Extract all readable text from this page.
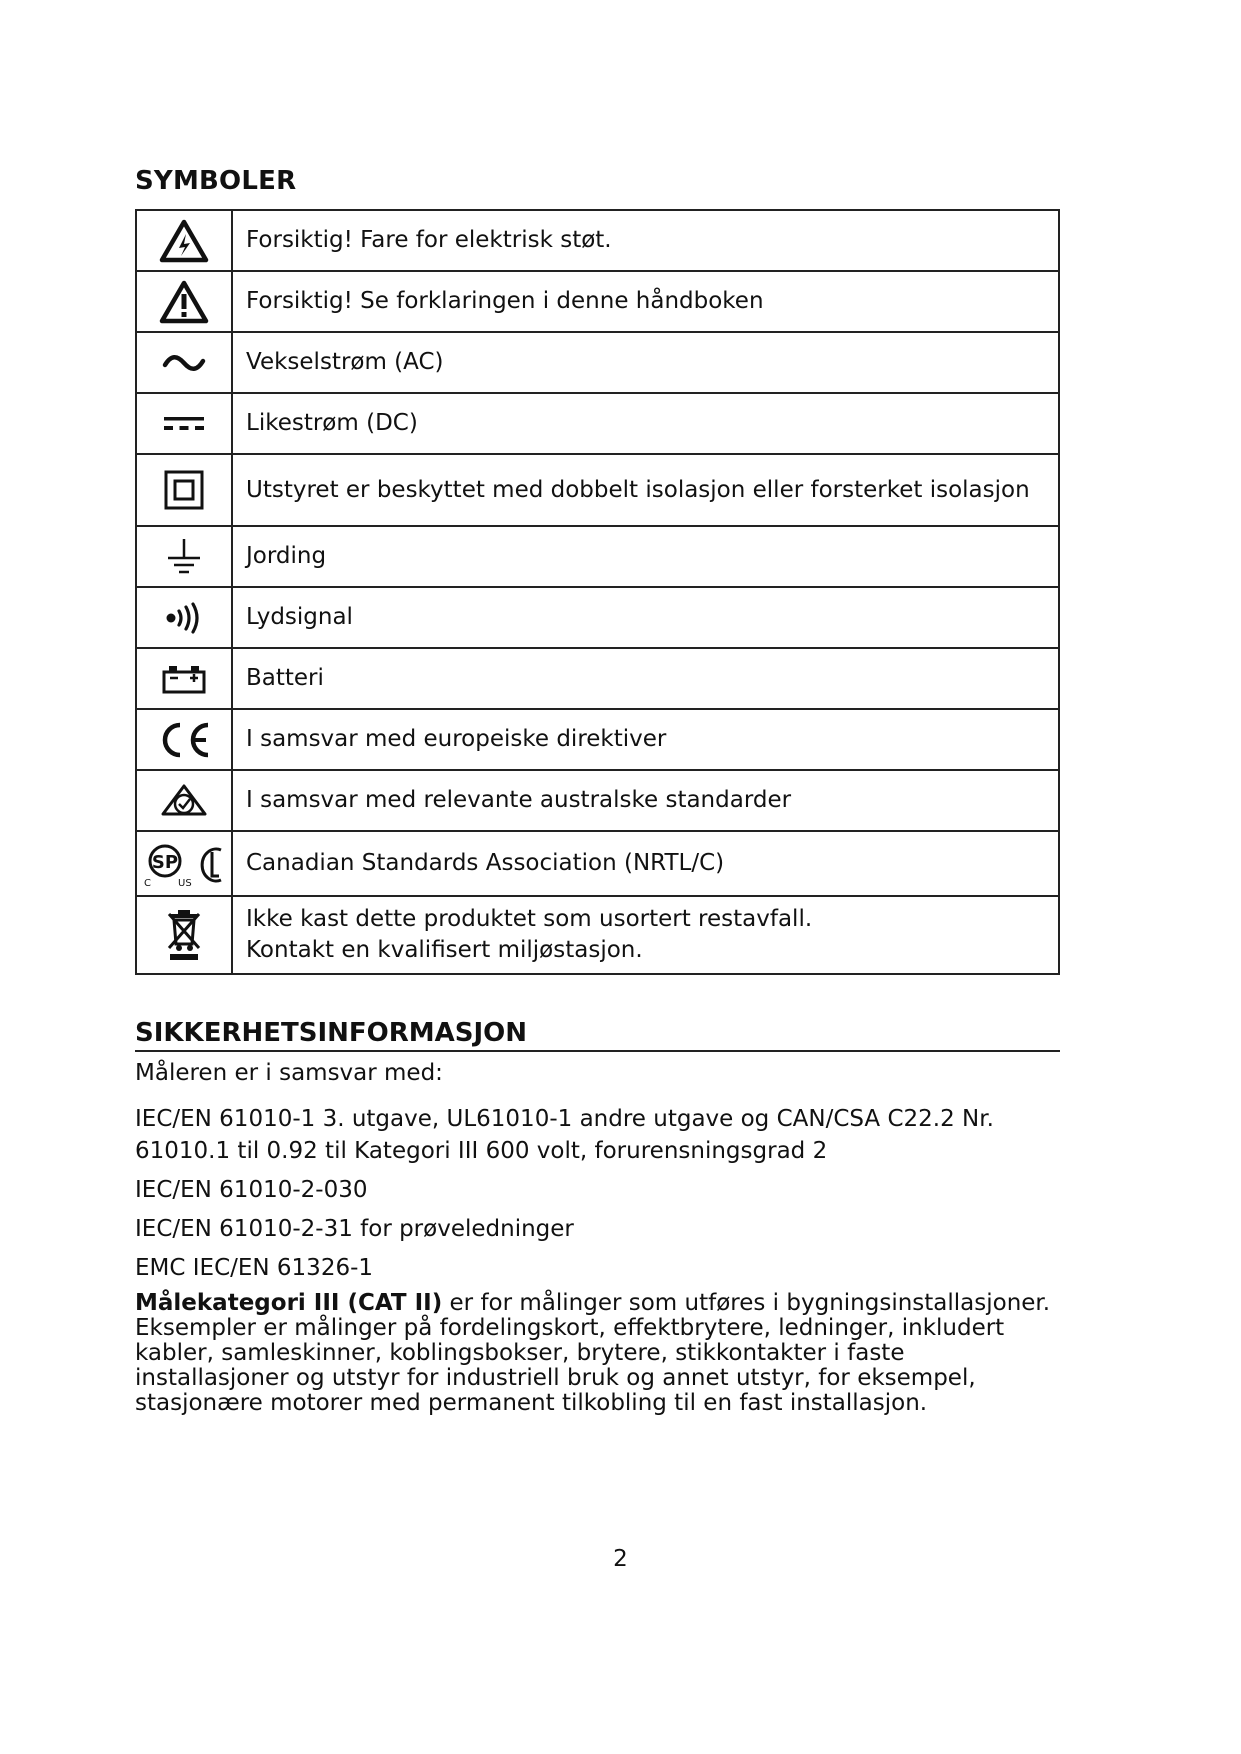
SYMBOLER
	Forsiktig! Fare for elektrisk støt.

	Forsiktig! Se forklaringen i denne håndboken

	Vekselstrøm (AC)

	Likestrøm (DC)

	Utstyret er beskyttet med dobbelt isolasjon eller forsterket isolasjon

	Jording

	Lydsignal

	Batteri

	I samsvar med europeiske direktiver

	I samsvar med relevante australske standarder

SP
C US	Canadian Standards Association (NRTL/C)

Ikke kast dette produktet som usortert restavfall.
Kontakt en kvalifisert miljøstasjon.
SIKKERHETSINFORMASJON

Måleren er i samsvar med:

IEC/EN 61010-1 3. utgave, UL61010-1 andre utgave og CAN/CSA C22.2 Nr. 61010.1 til 0.92 til Kategori III 600 volt, forurensningsgrad 2

IEC/EN 61010-2-030

IEC/EN 61010-2-31 for prøveledninger

EMC IEC/EN 61326-1

Målekategori III (CAT II) er for målinger som utføres i bygningsinstallasjoner. Eksempler er målinger på fordelingskort, effektbrytere, ledninger, inkludert kabler, samleskinner, koblingsbokser, brytere, stikkontakter i faste installasjoner og utstyr for industriell bruk og annet utstyr, for eksempel, stasjonære motorer med permanent tilkobling til en fast installasjon.

2
